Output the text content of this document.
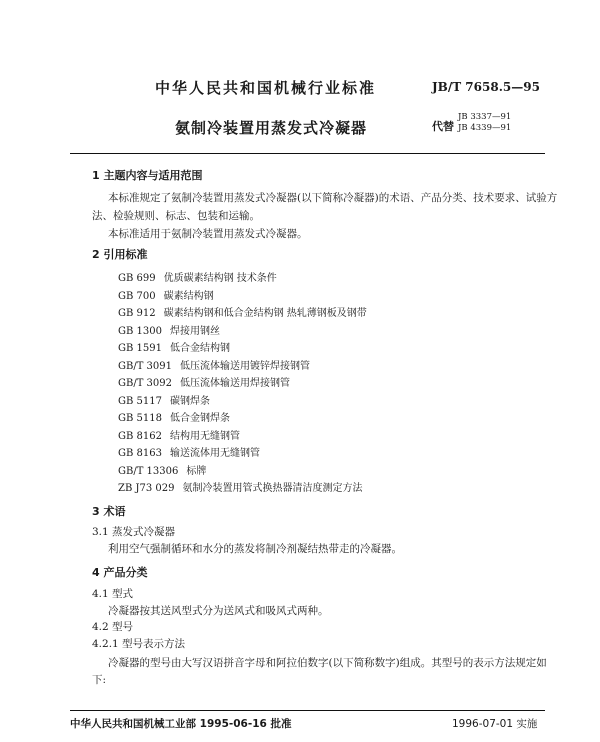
中华人民共和国机械行业标准	JB/T 7658.5—95
氨制冷装置用蒸发式冷凝器	代替
JB 3337—91
JB 4339—91
1 主题内容与适用范围
本标准规定了氨制冷装置用蒸发式冷凝器(以下简称冷凝器)的术语、产品分类、技术要求、试验方
法、检验规则、标志、包装和运输。
本标准适用于氨制冷装置用蒸发式冷凝器。
2 引用标准
GB 699 优质碳素结构钢 技术条件
GB 700 碳素结构钢
GB 912 碳素结构钢和低合金结构钢 热轧薄钢板及钢带
GB 1300 焊接用钢丝
GB 1591 低合金结构钢
GB/T 3091 低压流体输送用镀锌焊接钢管
GB/T 3092 低压流体输送用焊接钢管
GB 5117 碳钢焊条
GB 5118 低合金钢焊条
GB 8162 结构用无缝钢管
GB 8163 输送流体用无缝钢管
GB/T 13306 标牌
ZB J73 029 氨制冷装置用管式换热器清洁度测定方法
3 术语
3.1 蒸发式冷凝器
利用空气强制循环和水分的蒸发将制冷剂凝结热带走的冷凝器。
4 产品分类
4.1 型式
冷凝器按其送风型式分为送风式和吸风式两种。
4.2 型号
4.2.1 型号表示方法
冷凝器的型号由大写汉语拼音字母和阿拉伯数字(以下简称数字)组成。其型号的表示方法规定如
下:
中华人民共和国机械工业部 1995-06-16 批准	1996-07-01 实施
